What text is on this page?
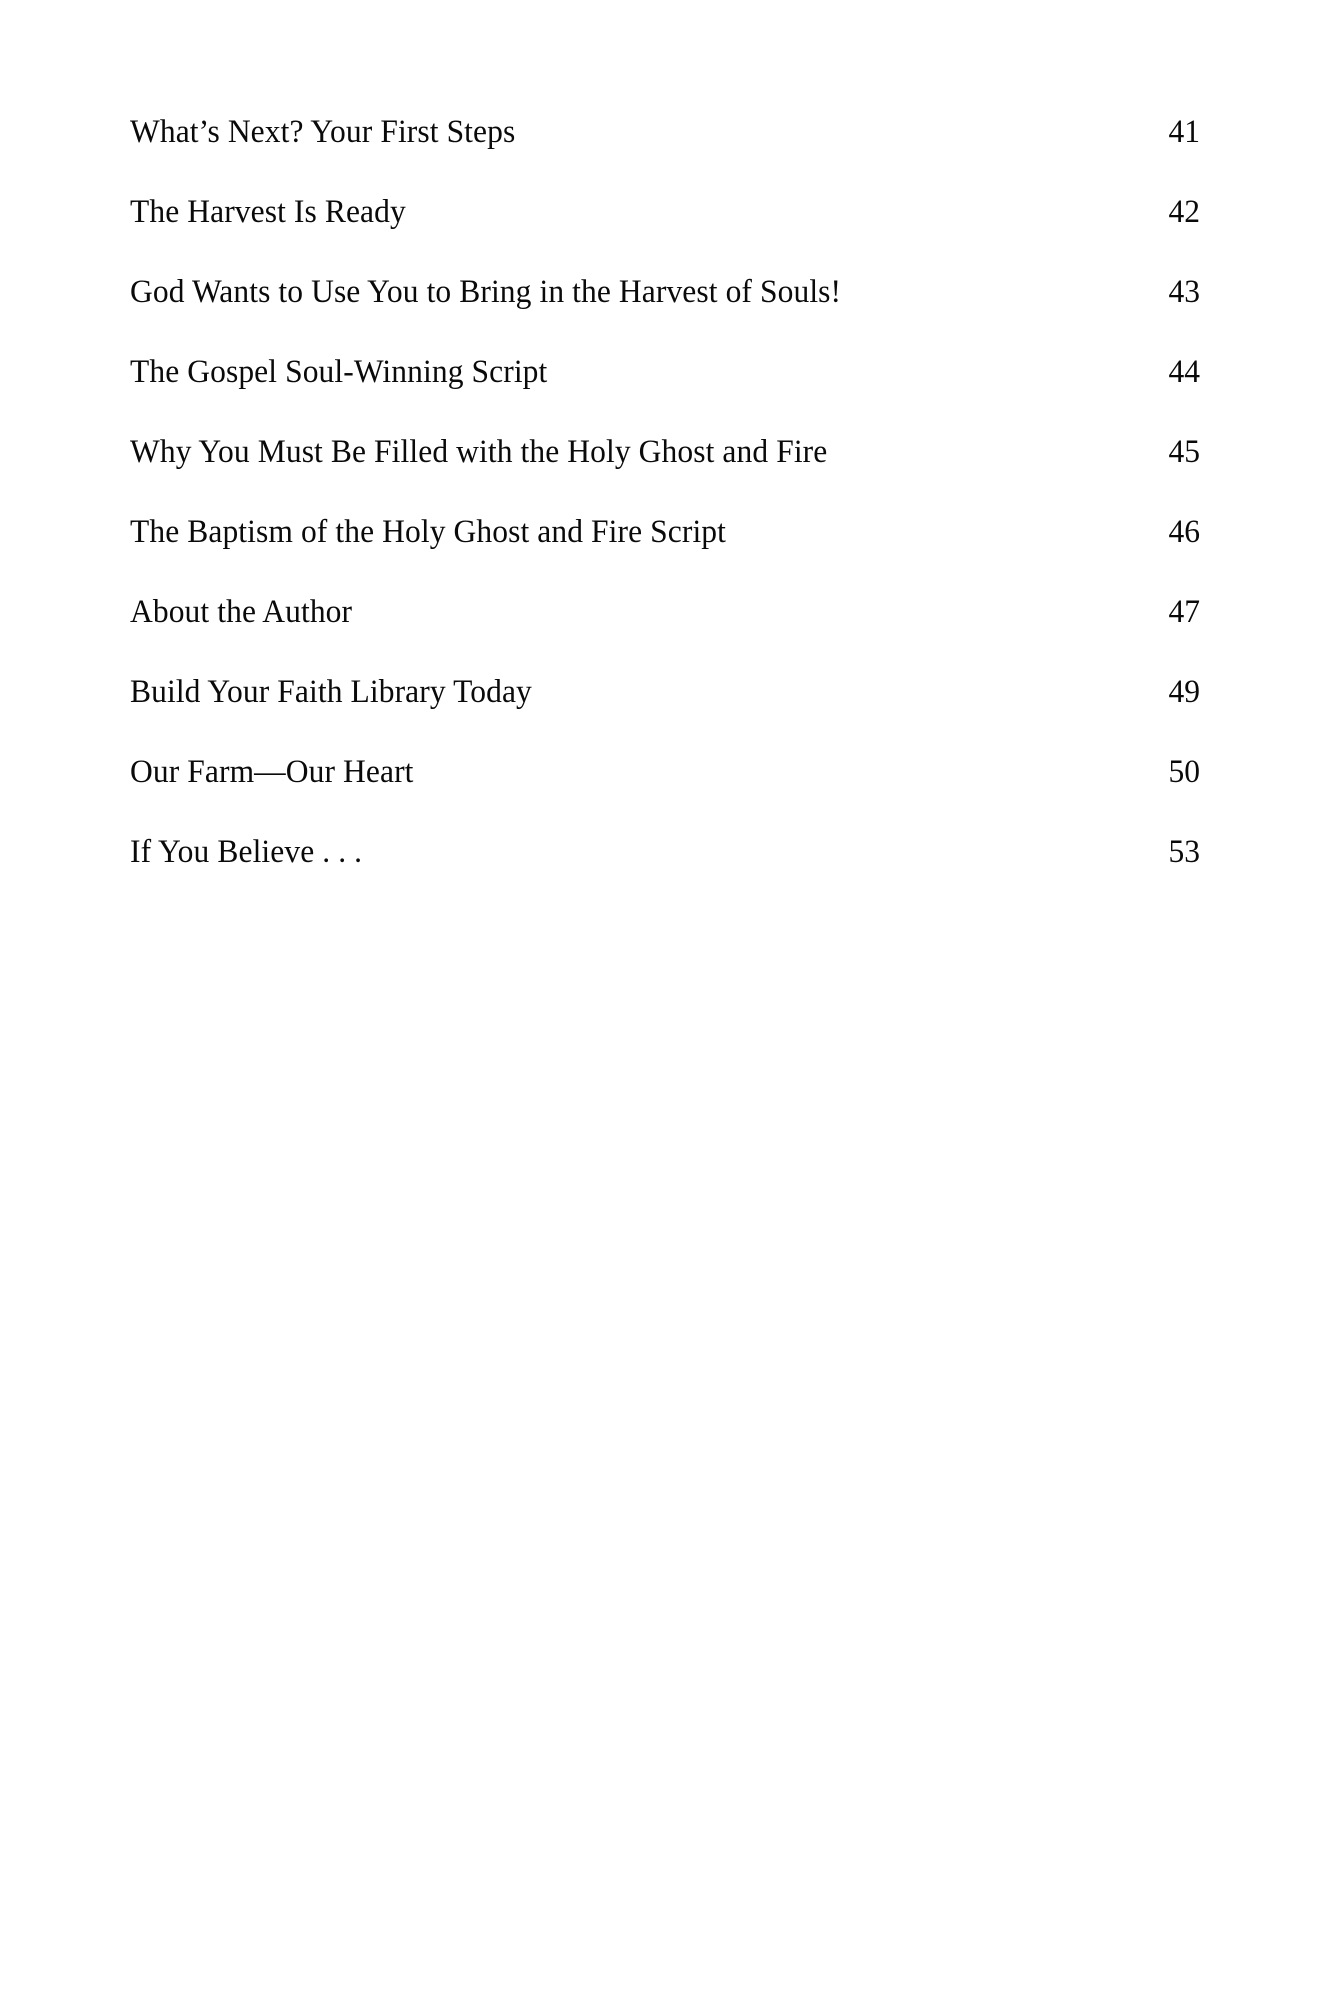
What’s Next? Your First Steps	41
The Harvest Is Ready	42
God Wants to Use You to Bring in the Harvest of Souls!	43
The Gospel Soul-Winning Script	44
Why You Must Be Filled with the Holy Ghost and Fire	45
The Baptism of the Holy Ghost and Fire Script	46
About the Author	47
Build Your Faith Library Today	49
Our Farm—Our Heart	50
If You Believe . . .	53
